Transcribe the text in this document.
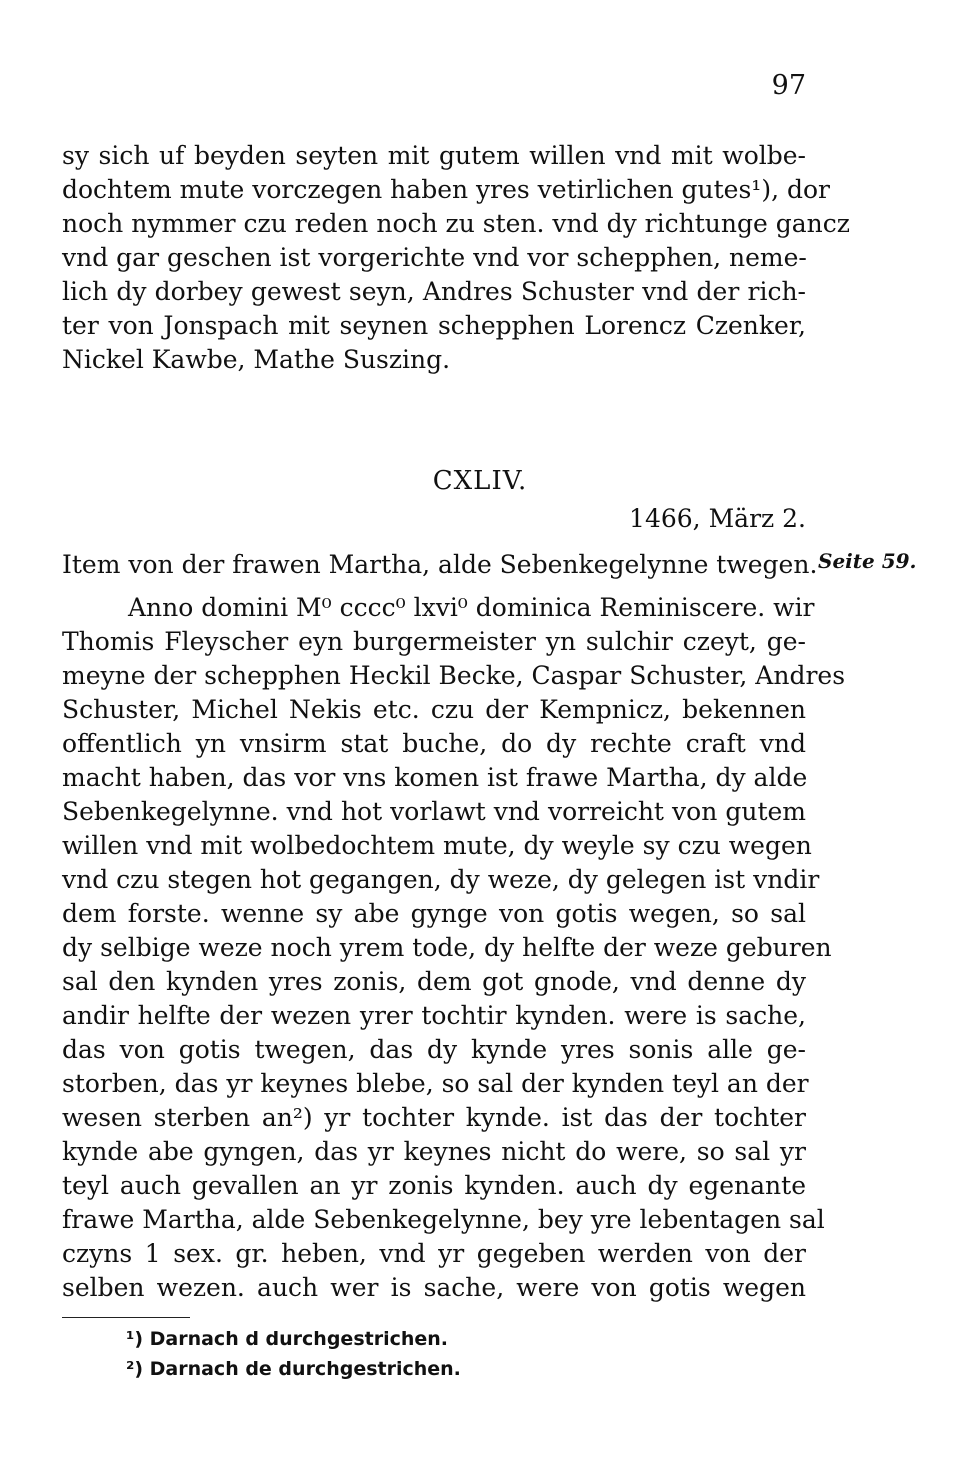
97
sy sich uf beyden seyten mit gutem willen vnd mit wolbe-
dochtem mute vorczegen haben yres vetirlichen gutes¹), dor
noch nymmer czu reden noch zu sten. vnd dy richtunge gancz
vnd gar geschen ist vorgerichte vnd vor schepphen, neme-
lich dy dorbey gewest seyn, Andres Schuster vnd der rich-
ter von Jonspach mit seynen schepphen Lorencz Czenker,
Nickel Kawbe, Mathe Suszing.
CXLIV.
1466, März 2.
Item von der frawen Martha, alde Sebenkegelynne twegen. Seite 59.
Anno domini M⁰ cccc⁰ lxvi⁰ dominica Reminiscere. wir
Thomis Fleyscher eyn burgermeister yn sulchir czeyt, ge-
meyne der schepphen Heckil Becke, Caspar Schuster, Andres
Schuster, Michel Nekis etc. czu der Kempnicz, bekennen
offentlich yn vnsirm stat buche, do dy rechte craft vnd
macht haben, das vor vns komen ist frawe Martha, dy alde
Sebenkegelynne. vnd hot vorlawt vnd vorreicht von gutem
willen vnd mit wolbedochtem mute, dy weyle sy czu wegen
vnd czu stegen hot gegangen, dy weze, dy gelegen ist vndir
dem forste. wenne sy abe gynge von gotis wegen, so sal
dy selbige weze noch yrem tode, dy helfte der weze geburen
sal den kynden yres zonis, dem got gnode, vnd denne dy
andir helfte der wezen yrer tochtir kynden. were is sache,
das von gotis twegen, das dy kynde yres sonis alle ge-
storben, das yr keynes blebe, so sal der kynden teyl an der
wesen sterben an²) yr tochter kynde. ist das der tochter
kynde abe gyngen, das yr keynes nicht do were, so sal yr
teyl auch gevallen an yr zonis kynden. auch dy egenante
frawe Martha, alde Sebenkegelynne, bey yre lebentagen sal
czyns 1 sex. gr. heben, vnd yr gegeben werden von der
selben wezen. auch wer is sache, were von gotis wegen
¹) Darnach d durchgestrichen.
²) Darnach de durchgestrichen.
